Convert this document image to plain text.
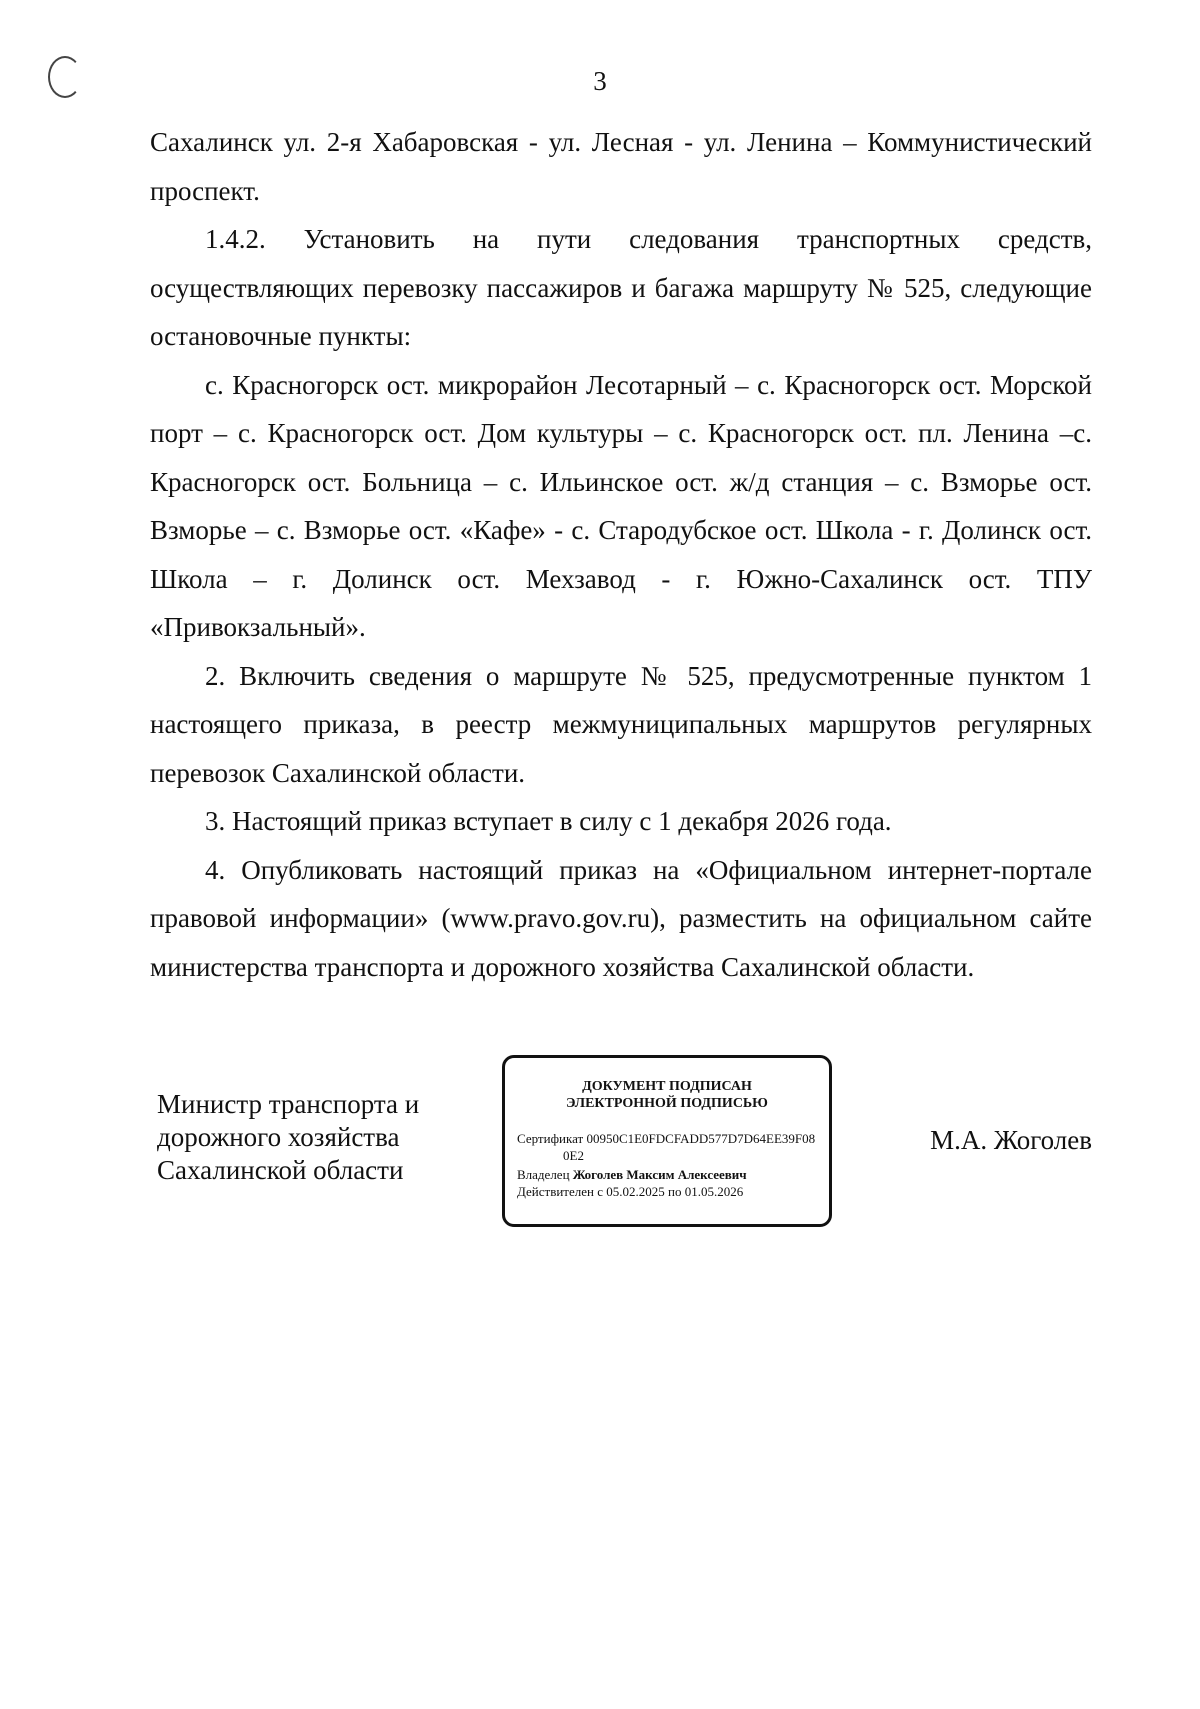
3

Сахалинск ул. 2-я Хабаровская - ул. Лесная - ул. Ленина – Коммунистический проспект.

1.4.2. Установить на пути следования транспортных средств, осуществляющих перевозку пассажиров и багажа маршруту № 525, следующие остановочные пункты:

с. Красногорск ост. микрорайон Лесотарный – с. Красногорск ост. Морской порт – с. Красногорск ост. Дом культуры – с. Красногорск ост. пл. Ленина –с. Красногорск ост. Больница – с. Ильинское ост. ж/д станция – с. Взморье ост. Взморье – с. Взморье ост. «Кафе» - с. Стародубское ост. Школа - г. Долинск ост. Школа – г. Долинск ост. Мехзавод - г. Южно-Сахалинск ост. ТПУ «Привокзальный».

2. Включить сведения о маршруте № 525, предусмотренные пунктом 1 настоящего приказа, в реестр межмуниципальных маршрутов регулярных перевозок Сахалинской области.

3. Настоящий приказ вступает в силу с 1 декабря 2026 года.

4. Опубликовать настоящий приказ на «Официальном интернет-портале правовой информации» (www.pravo.gov.ru), разместить на официальном сайте министерства транспорта и дорожного хозяйства Сахалинской области.

Министр транспорта и
дорожного хозяйства
Сахалинской области
ДОКУМЕНТ ПОДПИСАН
ЭЛЕКТРОННОЙ ПОДПИСЬЮ
Сертификат 00950C1E0FDCFADD577D7D64EE39F08
0E2
Владелец Жоголев Максим Алексеевич
Действителен с 05.02.2025 по 01.05.2026
М.А. Жоголев
